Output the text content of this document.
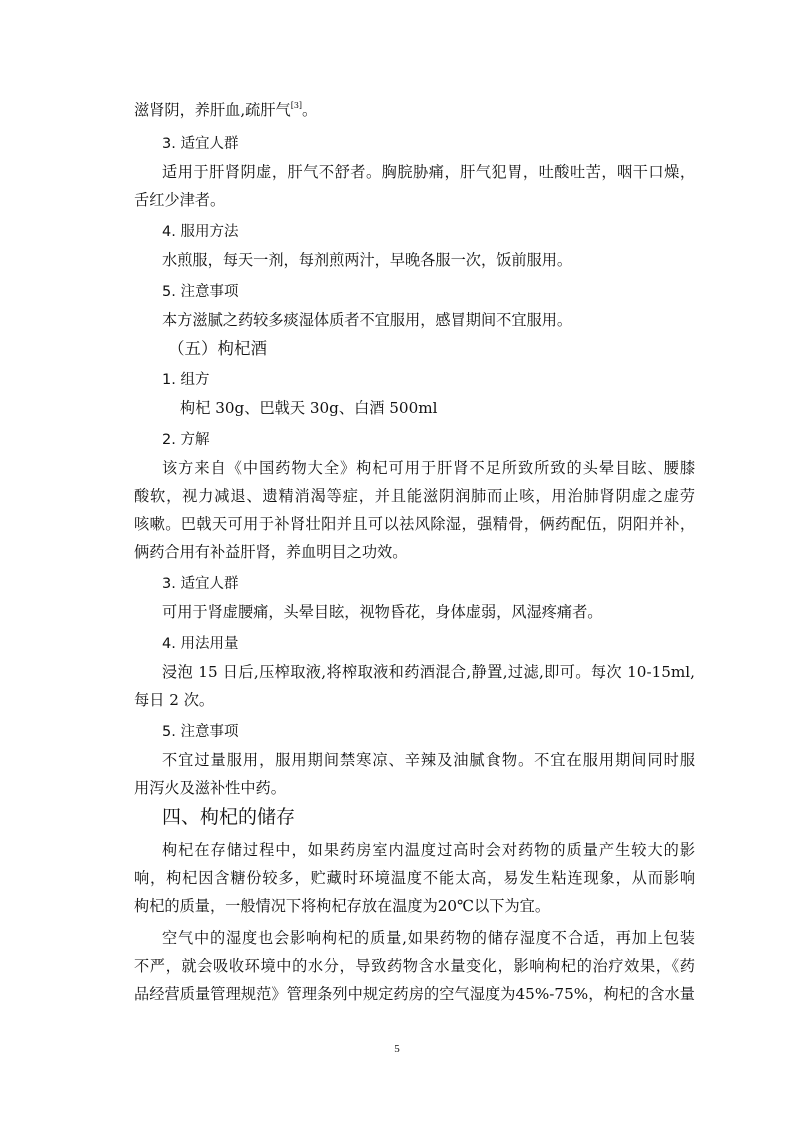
滋肾阴，养肝血,疏肝气[3]。
3. 适宜人群
适用于肝肾阴虚，肝气不舒者。胸脘胁痛，肝气犯胃，吐酸吐苦，咽干口燥，
舌红少津者。
4. 服用方法
水煎服，每天一剂，每剂煎两汁，早晚各服一次，饭前服用。
5. 注意事项
本方滋腻之药较多痰湿体质者不宜服用，感冒期间不宜服用。
（五）枸杞酒
1. 组方
枸杞 30g、巴戟天 30g、白酒 500ml
2. 方解
该方来自《中国药物大全》枸杞可用于肝肾不足所致所致的头晕目眩、腰膝
酸软，视力减退、遗精消渴等症，并且能滋阴润肺而止咳，用治肺肾阴虚之虚劳
咳嗽。巴戟天可用于补肾壮阳并且可以祛风除湿，强精骨，俩药配伍，阴阳并补，
俩药合用有补益肝肾，养血明目之功效。
3. 适宜人群
可用于肾虚腰痛，头晕目眩，视物昏花，身体虚弱，风湿疼痛者。
4. 用法用量
浸泡 15 日后,压榨取液,将榨取液和药酒混合,静置,过滤,即可。每次 10-15ml,
每日 2 次。
5. 注意事项
不宜过量服用，服用期间禁寒凉、辛辣及油腻食物。不宜在服用期间同时服
用泻火及滋补性中药。
四、枸杞的储存
枸杞在存储过程中，如果药房室内温度过高时会对药物的质量产生较大的影
响，枸杞因含糖份较多，贮藏时环境温度不能太高，易发生粘连现象，从而影响
枸杞的质量，一般情况下将枸杞存放在温度为20℃以下为宜。
空气中的湿度也会影响枸杞的质量,如果药物的储存湿度不合适，再加上包装
不严，就会吸收环境中的水分，导致药物含水量变化，影响枸杞的治疗效果，《药
品经营质量管理规范》管理条列中规定药房的空气湿度为45%-75%，枸杞的含水量
5
